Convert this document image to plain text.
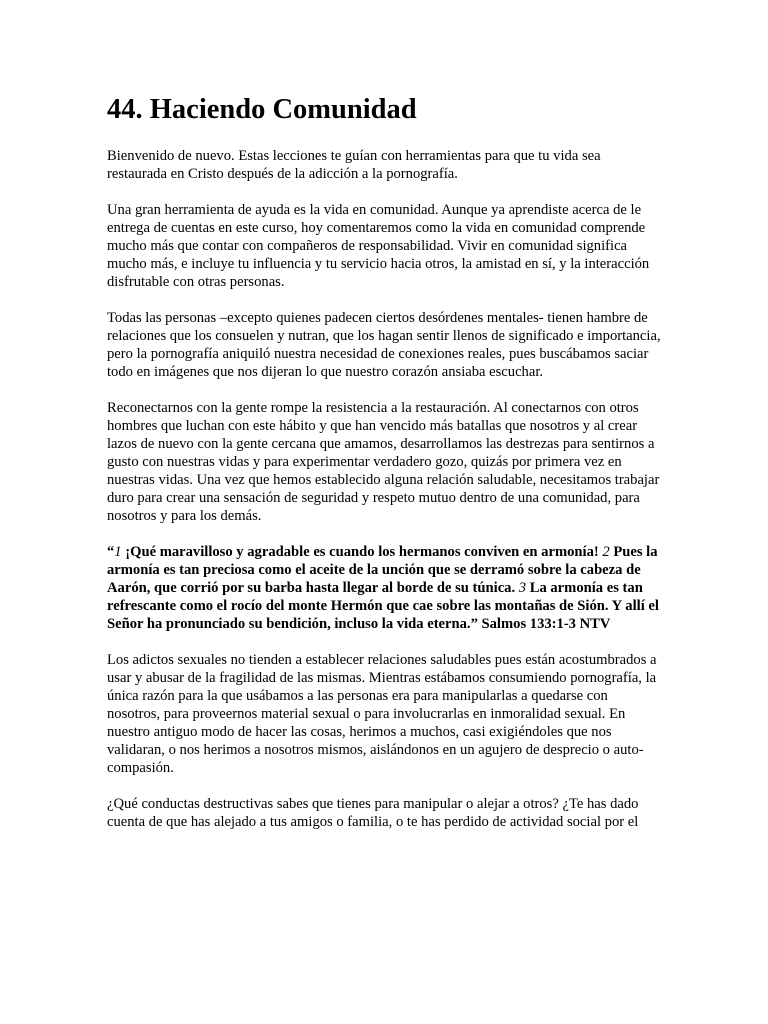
44. Haciendo Comunidad

Bienvenido de nuevo. Estas lecciones te guían con herramientas para que tu vida sea restaurada en Cristo después de la adicción a la pornografía.

Una gran herramienta de ayuda es la vida en comunidad. Aunque ya aprendiste acerca de le entrega de cuentas en este curso, hoy comentaremos como la vida en comunidad comprende mucho más que contar con compañeros de responsabilidad. Vivir en comunidad significa mucho más, e incluye tu influencia y tu servicio hacia otros, la amistad en sí, y la interacción disfrutable con otras personas.

Todas las personas –excepto quienes padecen ciertos desórdenes mentales- tienen hambre de relaciones que los consuelen y nutran, que los hagan sentir llenos de significado e importancia, pero la pornografía aniquiló nuestra necesidad de conexiones reales, pues buscábamos saciar todo en imágenes que nos dijeran lo que nuestro corazón ansiaba escuchar.

Reconectarnos con la gente rompe la resistencia a la restauración. Al conectarnos con otros hombres que luchan con este hábito y que han vencido más batallas que nosotros y al crear lazos de nuevo con la gente cercana que amamos, desarrollamos las destrezas para sentirnos a gusto con nuestras vidas y para experimentar verdadero gozo, quizás por primera vez en nuestras vidas. Una vez que hemos establecido alguna relación saludable, necesitamos trabajar duro para crear una sensación de seguridad y respeto mutuo dentro de una comunidad, para nosotros y para los demás.

“1 ¡Qué maravilloso y agradable es cuando los hermanos conviven en armonía! 2 Pues la armonía es tan preciosa como el aceite de la unción que se derramó sobre la cabeza de Aarón, que corrió por su barba hasta llegar al borde de su túnica. 3 La armonía es tan refrescante como el rocío del monte Hermón que cae sobre las montañas de Sión. Y allí el Señor ha pronunciado su bendición, incluso la vida eterna.” Salmos 133:1-3 NTV

Los adictos sexuales no tienden a establecer relaciones saludables pues están acostumbrados a usar y abusar de la fragilidad de las mismas. Mientras estábamos consumiendo pornografía, la única razón para la que usábamos a las personas era para manipularlas a quedarse con nosotros, para proveernos material sexual o para involucrarlas en inmoralidad sexual. En nuestro antiguo modo de hacer las cosas, herimos a muchos, casi exigiéndoles que nos validaran, o nos herimos a nosotros mismos, aislándonos en un agujero de desprecio o auto-compasión.

¿Qué conductas destructivas sabes que tienes para manipular o alejar a otros? ¿Te has dado cuenta de que has alejado a tus amigos o familia, o te has perdido de actividad social por el
